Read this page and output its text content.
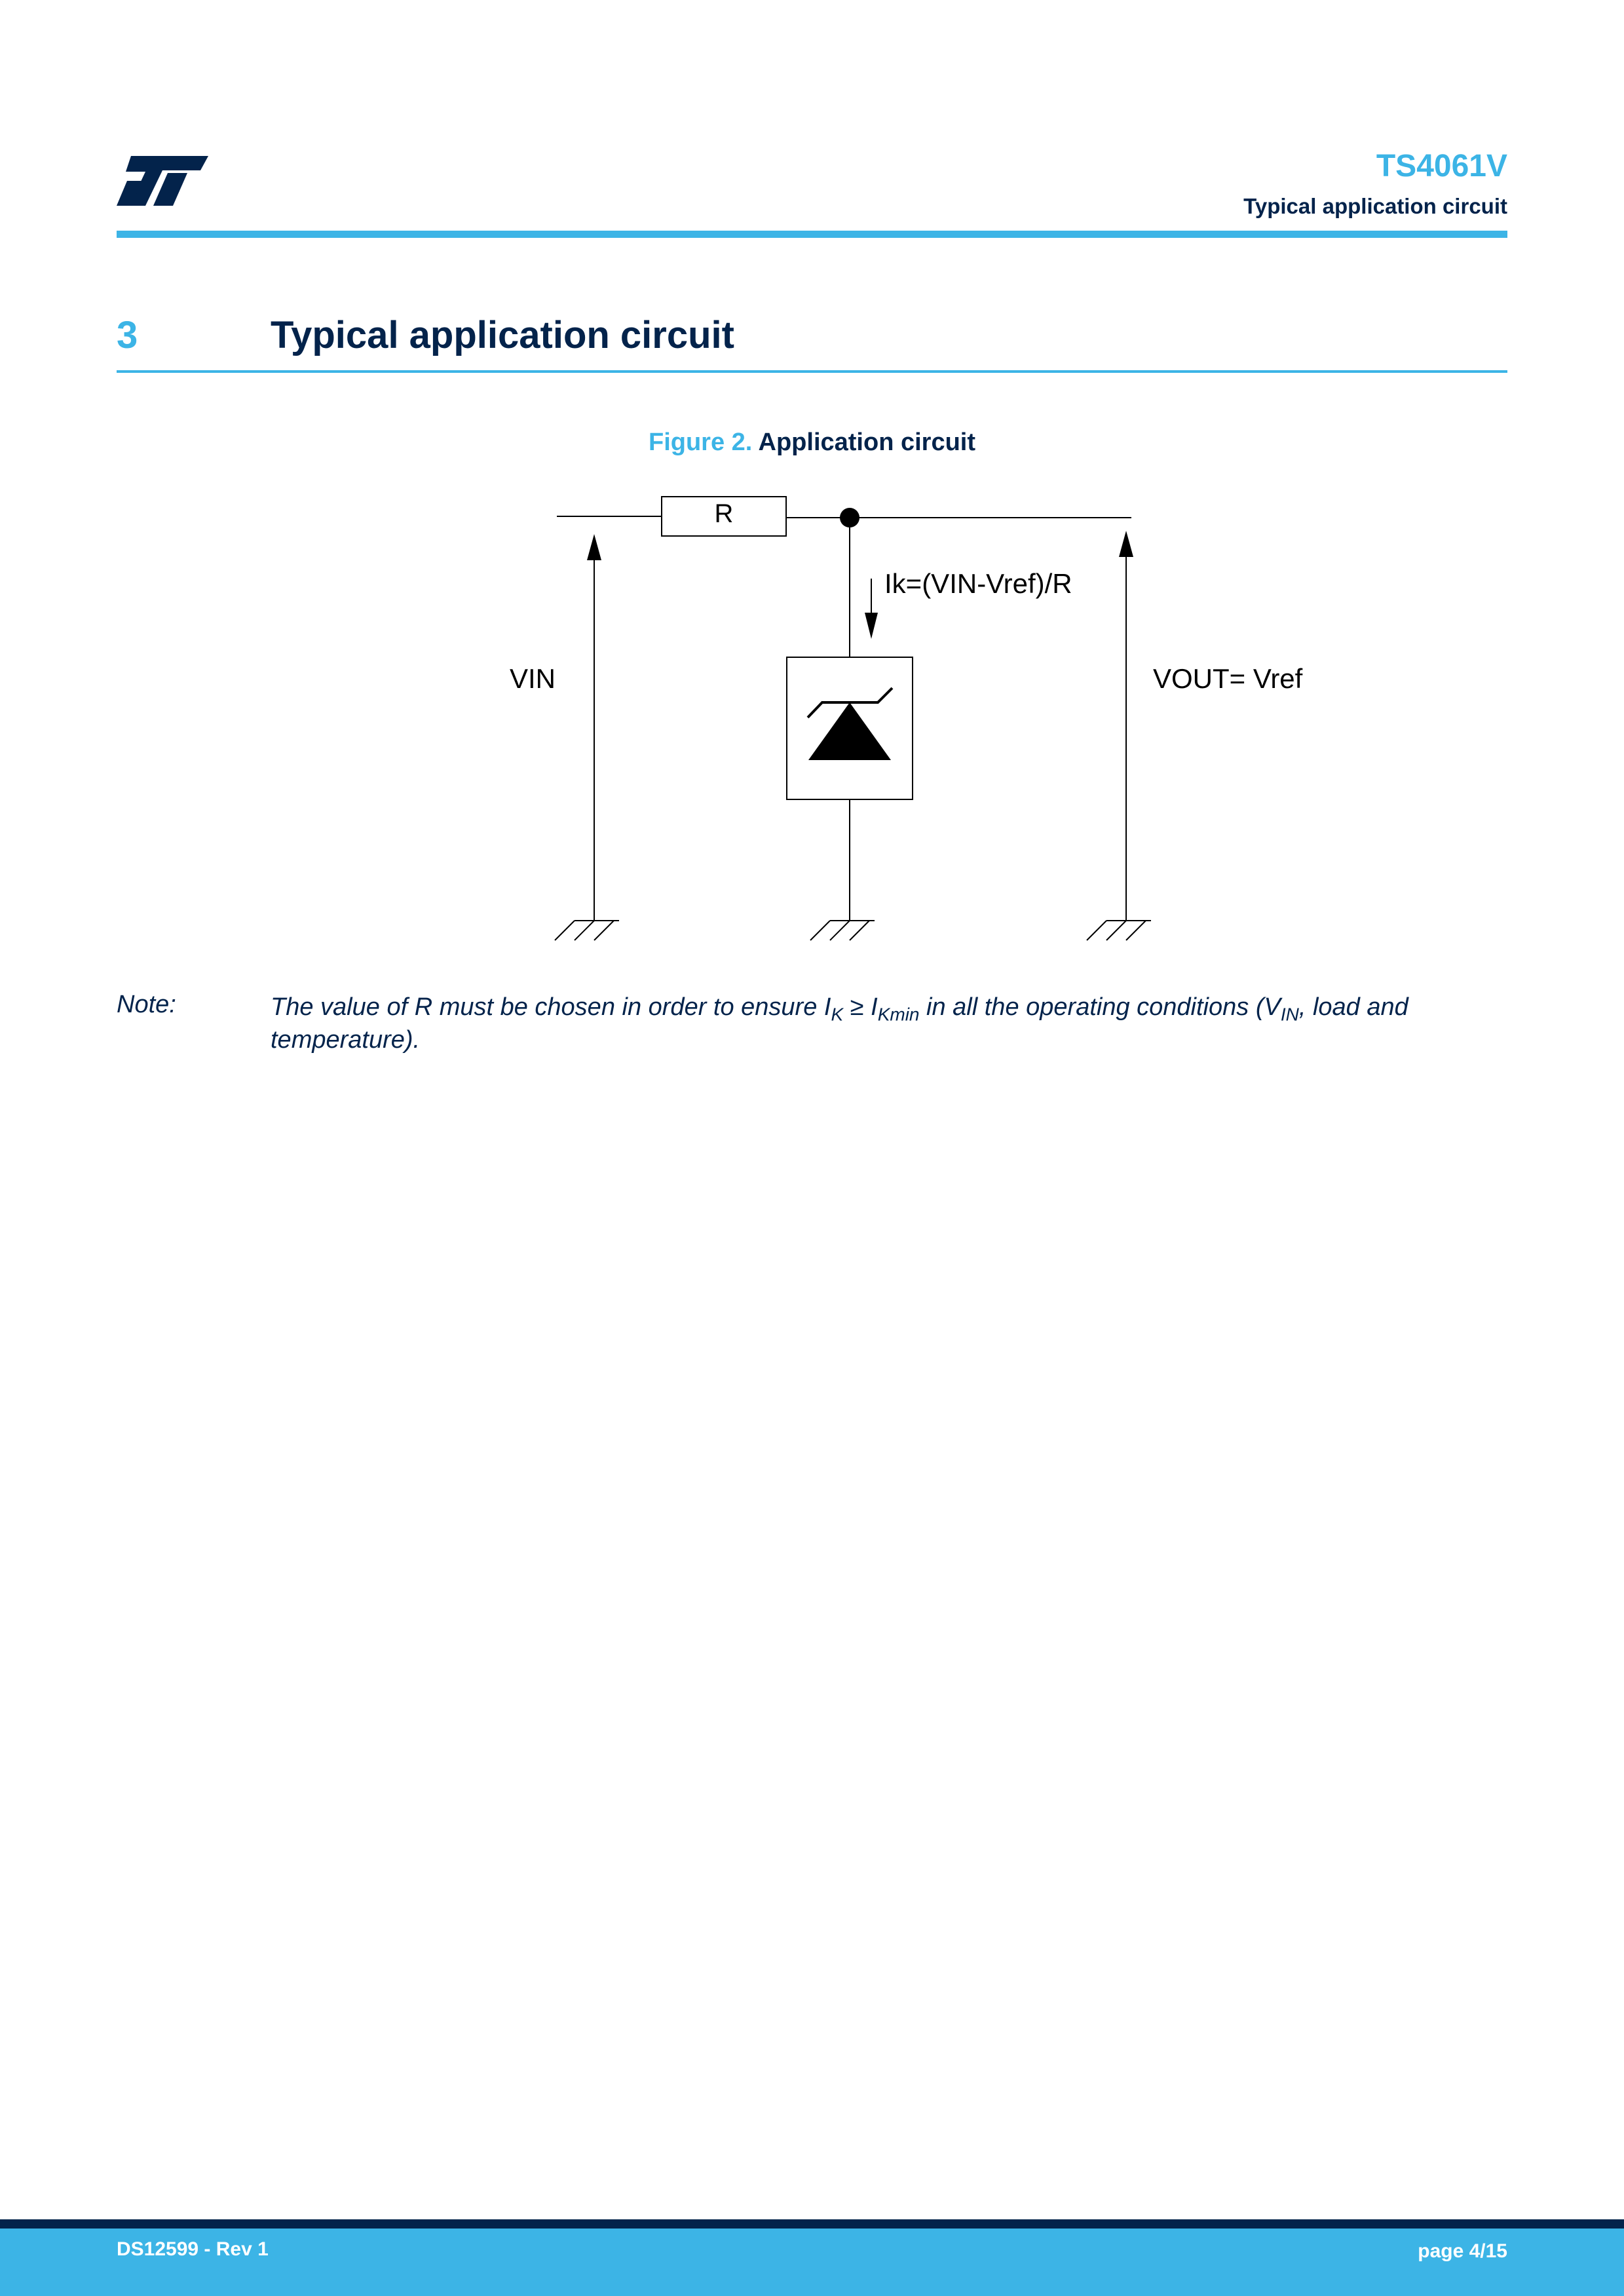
TS4061V
Typical application circuit
3	Typical application circuit
Figure 2. Application circuit
R
Ik=(VIN-Vref)/R
VIN	VOUT= Vref
Note:	The value of R must be chosen in order to ensure $I_K \ge I_{Kmin}$ in all the operating conditions ($V_{IN}$, load and temperature).
DS12599 - Rev 1	page 4/15
